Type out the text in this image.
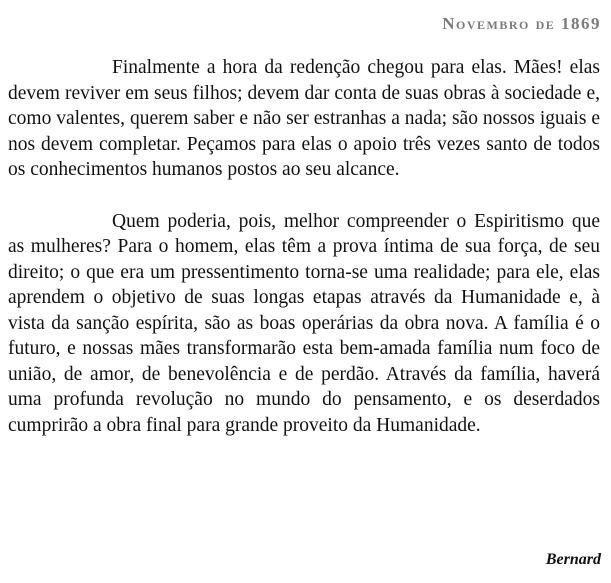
Novembro de 1869

Finalmente a hora da redenção chegou para elas. Mães! elas devem reviver em seus filhos; devem dar conta de suas obras à sociedade e, como valentes, querem saber e não ser estranhas a nada; são nossos iguais e nos devem completar. Peçamos para elas o apoio três vezes santo de todos os conhecimentos humanos postos ao seu alcance.

Quem poderia, pois, melhor compreender o Espiritismo que as mulheres? Para o homem, elas têm a prova íntima de sua força, de seu direito; o que era um pressentimento torna-se uma realidade; para ele, elas aprendem o objetivo de suas longas etapas através da Humanidade e, à vista da sanção espírita, são as boas operárias da obra nova. A família é o futuro, e nossas mães transformarão esta bem-amada família num foco de união, de amor, de benevolência e de perdão. Através da família, haverá uma profunda revolução no mundo do pensamento, e os deserdados cumprirão a obra final para grande proveito da Humanidade.

Bernard
